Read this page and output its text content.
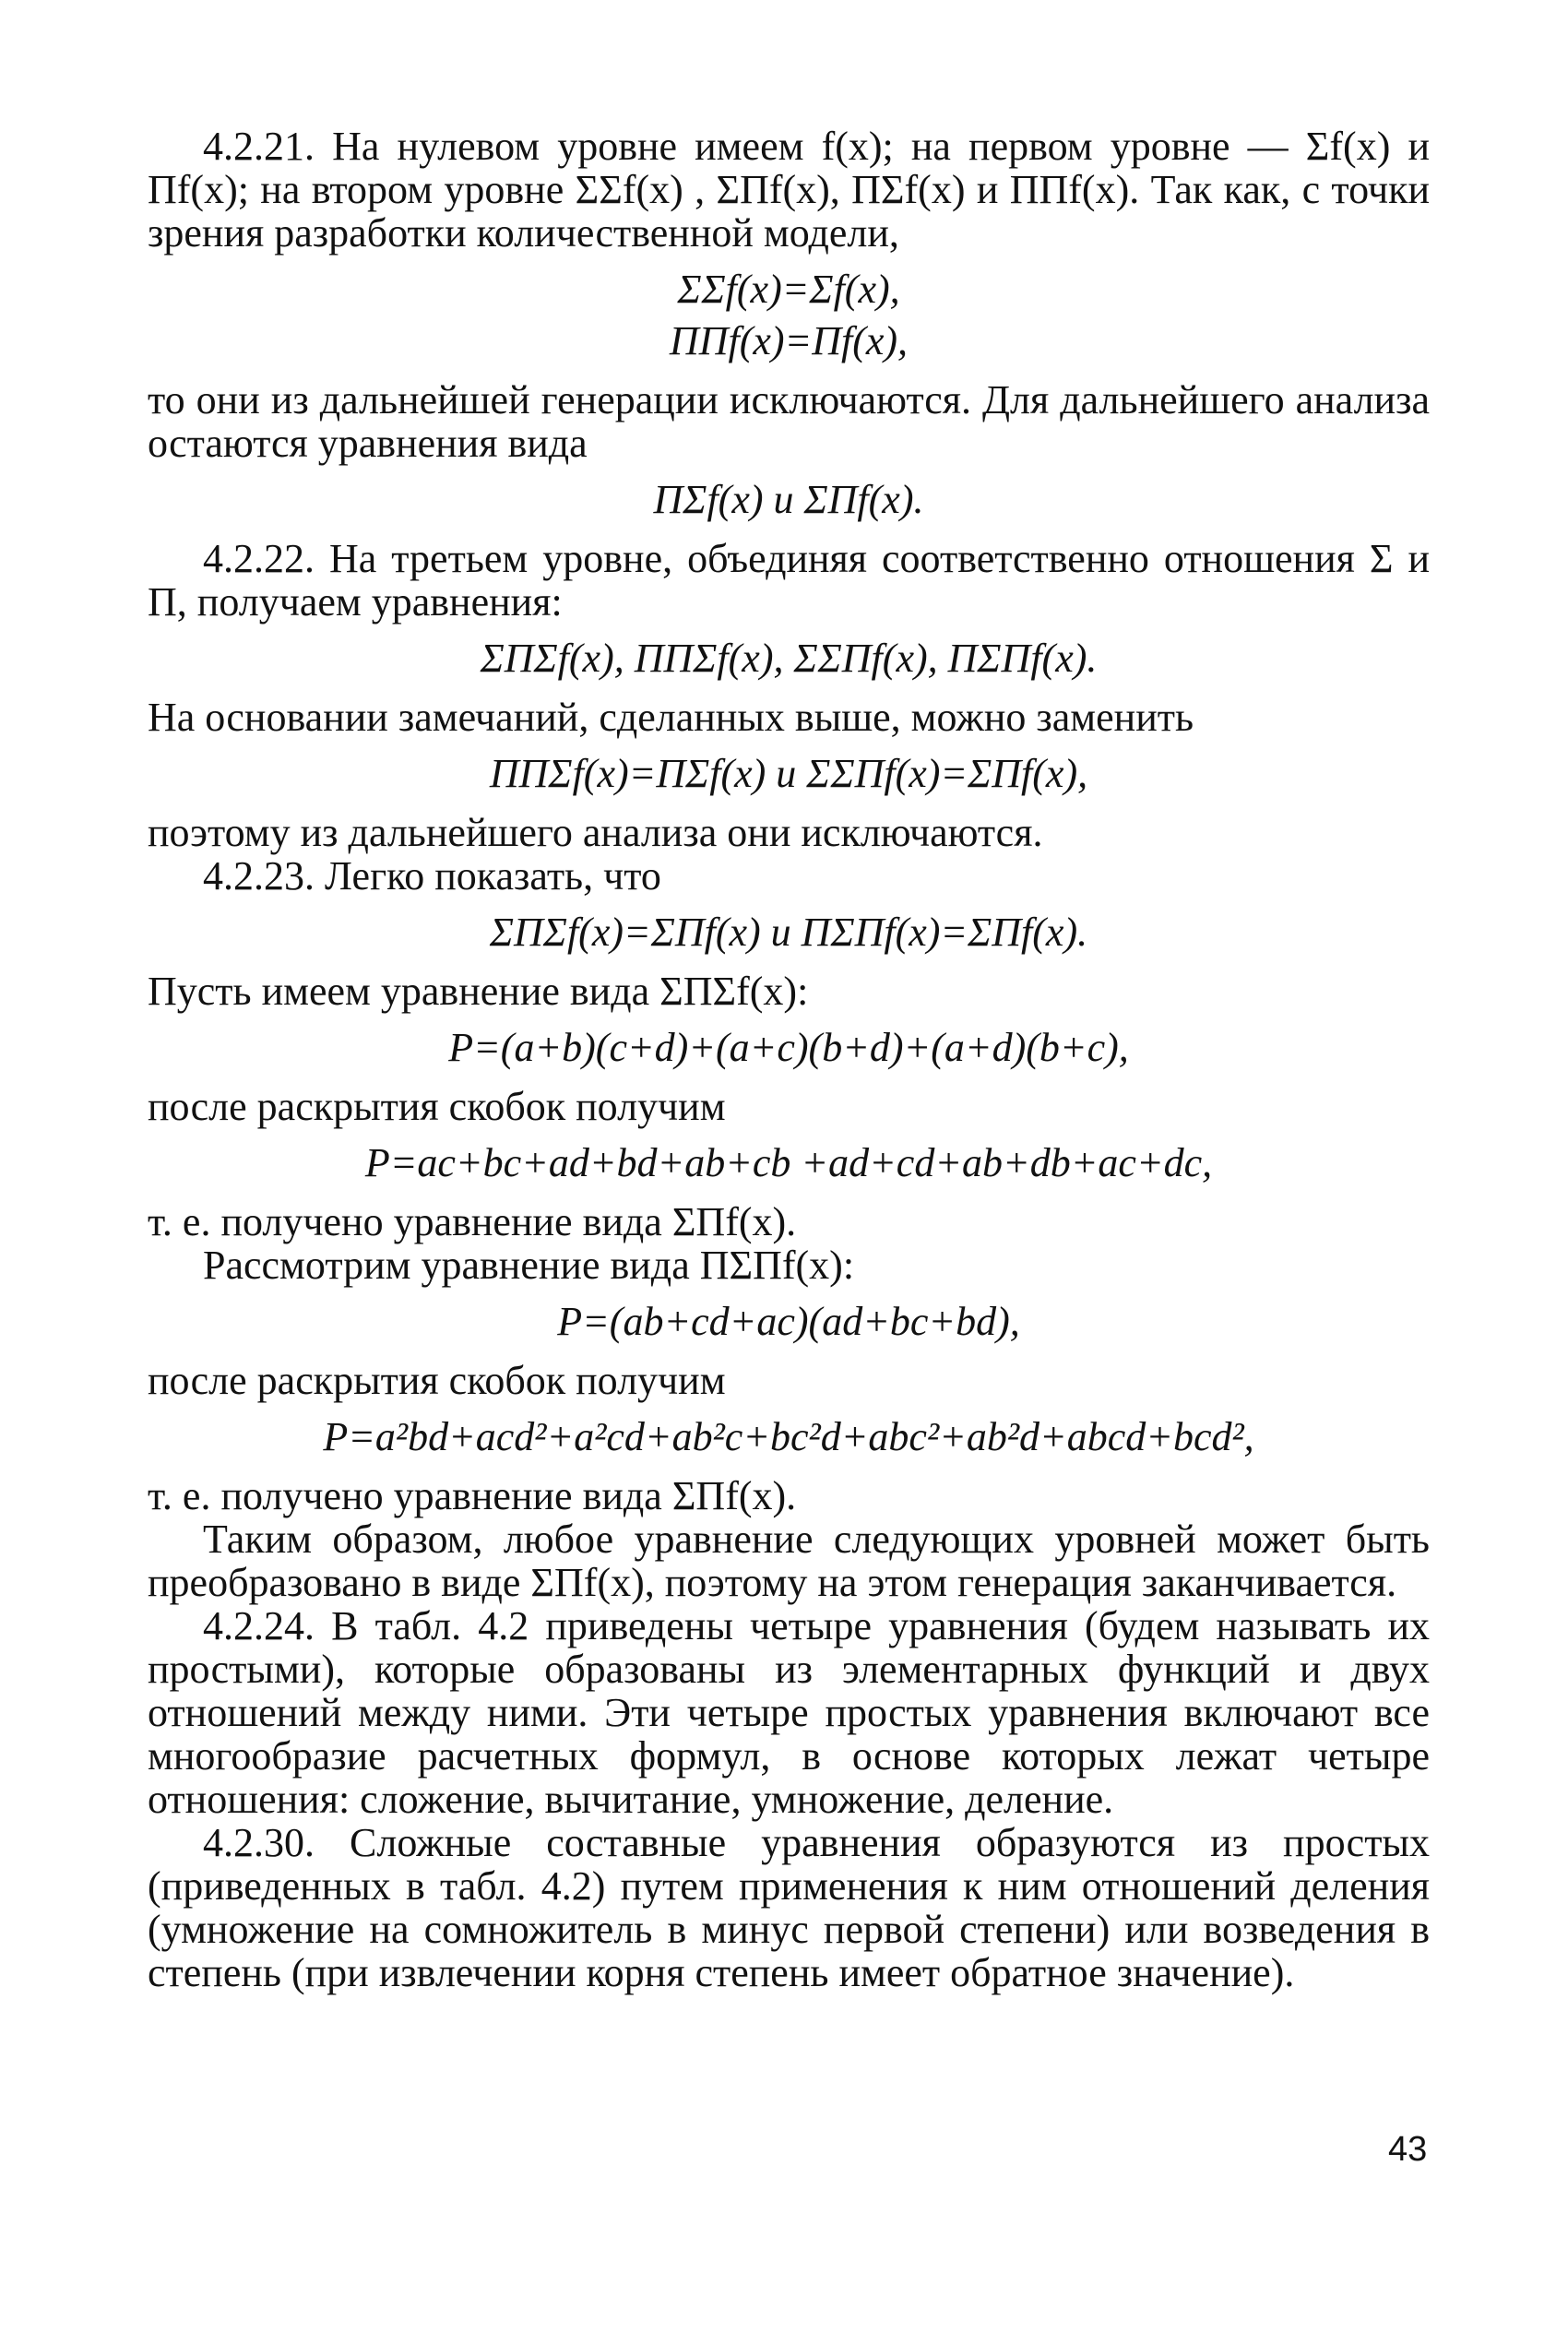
4.2.21. На нулевом уровне имеем f(x); на первом уровне — Σf(x) и Пf(x); на втором уровне ΣΣf(x) , ΣПf(x), ПΣf(x) и ППf(x). Так как, с точки зрения разработки количественной модели,

ΣΣf(x)=Σf(x),
ППf(x)=Пf(x),

то они из дальнейшей генерации исключаются. Для дальнейшего анализа остаются уравнения вида

ПΣf(x) и ΣПf(x).

4.2.22. На третьем уровне, объединяя соответственно отношения Σ и П, получаем уравнения:

ΣПΣf(x), ППΣf(x), ΣΣПf(x), ПΣПf(x).

На основании замечаний, сделанных выше, можно заменить

ППΣf(x)=ПΣf(x) и ΣΣПf(x)=ΣПf(x),

поэтому из дальнейшего анализа они исключаются.

4.2.23. Легко показать, что

ΣПΣf(x)=ΣПf(x) и ПΣПf(x)=ΣПf(x).

Пусть имеем уравнение вида ΣПΣf(x):

P=(a+b)(c+d)+(a+c)(b+d)+(a+d)(b+c),

после раскрытия скобок получим

P=ac+bc+ad+bd+ab+cb +ad+cd+ab+db+ac+dc,

т. е. получено уравнение вида ΣПf(x).

Рассмотрим уравнение вида ПΣПf(x):

P=(ab+cd+ac)(ad+bc+bd),

после раскрытия скобок получим

P=a²bd+acd²+a²cd+ab²c+bc²d+abc²+ab²d+abcd+bcd²,

т. е. получено уравнение вида ΣПf(x).

Таким образом, любое уравнение следующих уровней может быть преобразовано в виде ΣПf(x), поэтому на этом генерация заканчивается.

4.2.24. В табл. 4.2 приведены четыре уравнения (будем называть их простыми), которые образованы из элементарных функций и двух отношений между ними. Эти четыре простых уравнения включают все многообразие расчетных формул, в основе которых лежат четыре отношения: сложение, вычитание, умножение, деление.

4.2.30. Сложные составные уравнения образуются из простых (приведенных в табл. 4.2) путем применения к ним отношений деления (умножение на сомножитель в минус первой степени) или возведения в степень (при извлечении корня степень имеет обратное значение).

43
